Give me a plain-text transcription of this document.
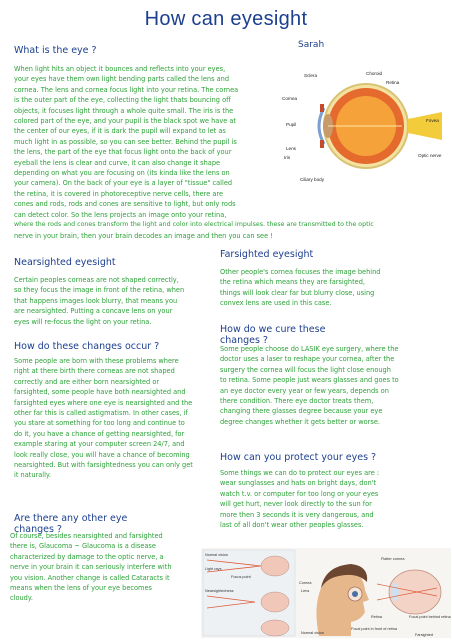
How can eyesight
Sarah
What is the eye ?
When light hits an object it bounces and reflects into your eyes,
your eyes have them own light bending parts called the lens and
cornea. The lens and cornea focus light into your retina. The cornea
is the outer part of the eye, collecting the light thats bouncing off
objects, it focuses light through a whole quite small. The iris is the
colored part of the eye, and your pupil is the black spot we have at
the center of our eyes, if it is dark the pupil will expand to let as
much light in as possible, so you can see better. Behind the pupil is
the lens, the part of the eye that focus light onto the back of your
eyeball the lens is clear and curve, it can also change it shape
depending on what you are focusing on (its kinda like the lens on
your camera). On the back of your eye is a layer of "tissue" called
the retina, it is covered in photoreceptive nerve cells, there are
cones and rods, rods and cones are sensitive to light, but only rods
can detect color. So the lens projects an image onto your retina,
where the rods and cones transform the light and color into electrical impulses. these are transmitted to the optic
nerve in your brain, then your brain decodes an image and then you can see !
Sclera	Choroid
Retina
Cornea
Fovea
Pupil
Lens
Iris	Optic nerve
Ciliary body
Farsighted eyesight
Other people's cornea focuses the image behind
the retina which means they are farsighted,
things will look clear far but blurry close, using
convex lens are used in this case.
Nearsighted eyesight
Certain peoples corneas are not shaped correctly,
so they focus the image in front of the retina, when
that happens images look blurry, that means you
are nearsighted. Putting a concave lens on your
eyes will re-focus the light on your retina.
How do we cure these
changes ?
Some people choose do LASIK eye surgery, where the
doctor uses a laser to reshape your cornea, after the
surgery the cornea will focus the light close enough
to retina. Some people just wears glasses and goes to
an eye doctor every year or few years, depends on
there condition. There eye doctor treats them,
changing there glasses degree because your eye
degree changes whether it gets better or worse.
How do these changes occur ?
Some people are born with these problems where
right at there birth there corneas are not shaped
correctly and are either born nearsighted or
farsighted, some people have both nearsighted and
farsighted eyes where one eye is nearsighted and the
other far this is called astigmatism. In other cases, if
you stare at something for too long and continue to
do it, you have a chance of getting nearsighted, for
example staring at your computer screen 24/7, and
look really close, you will have a chance of becoming
nearsighted. But with farsightedness you can only get
it naturally.
How can you protect your eyes ?
Some things we can do to protect our eyes are :
wear sunglasses and hats on bright days, don't
watch t.v. or computer for too long or your eyes
will get hurt, never look directly to the sun for
more then 3 seconds it is very dangerous, and
last of all don't wear other peoples glasses.
Are there any other eye
changes ?
Of course, besides nearsighted and farsighted
there is, Glaucoma ~ Glaucoma is a disease
characterized by damage to the optic nerve, a
nerve in your brain it can seriously interfere with
you vision. Another change is called Cataracts it
means when the lens of your eye becomes
cloudy.
Normal vision
Light rays
Focus point
Nearsightedness
Cornea
Lens
Flatter cornea
Focal point behind retina
Focal point in front of retina
Normal vision
Retina
Farsighted
